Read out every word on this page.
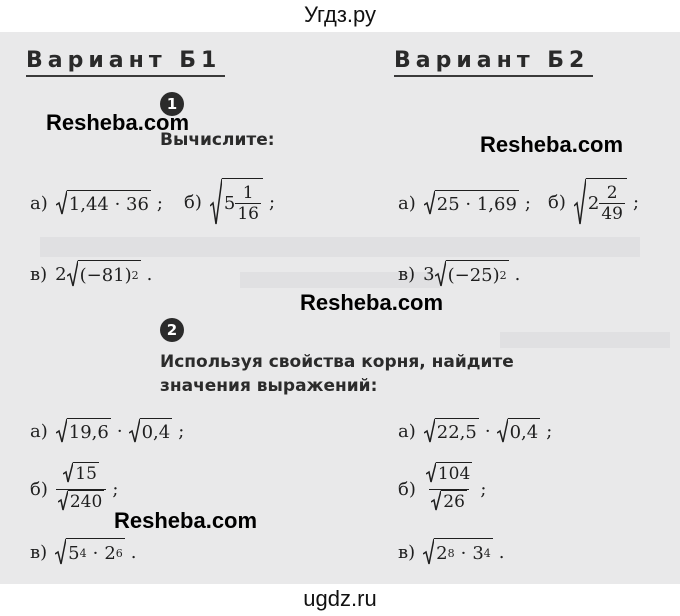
Угдз.ру
Вариант Б1	Вариант Б2
1
Вычислите:
а) 1,44 · 36 ; б) $5 \frac{1}{16}$ ;
в) 2 (−81) 2 .
а) 25 · 1,69 ; б) $2 \frac{2}{49}$ ;
в) 3 (−25) 2 .
2
Используя свойства корня, найдите
значения выражений:
а) 19,6 · 0,4 ;
$б) \frac{15}{240}$ ;
в) 5 4 · 2 6 .
а) 22,5 · 0,4 ;
$б) \frac{104}{26}$ ;
в) 2 8 · 3 4 .
Resheba.com
Resheba.com
Resheba.com
Resheba.com
ugdz.ru
